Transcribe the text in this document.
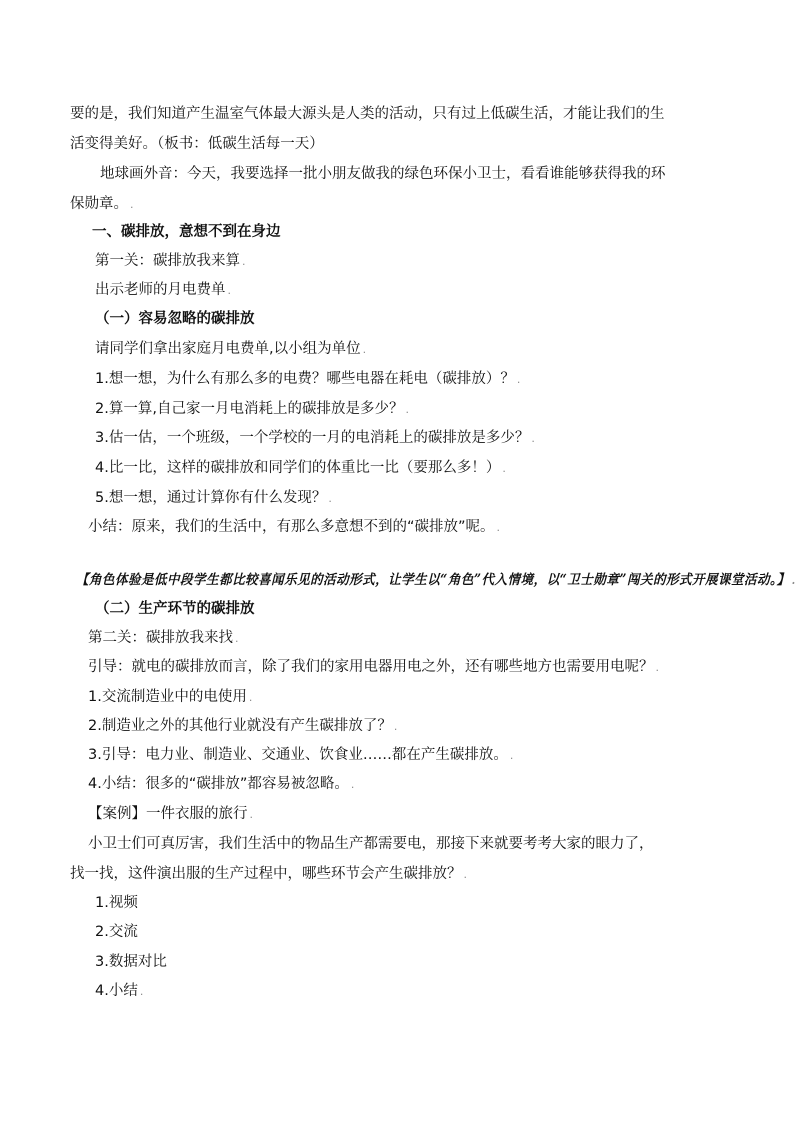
要的是，我们知道产生温室气体最大源头是人类的活动，只有过上低碳生活，才能让我们的生
活变得美好。（板书：低碳生活每一天）
地球画外音：今天，我要选择一批小朋友做我的绿色环保小卫士，看看谁能够获得我的环
保勋章。 .
一、碳排放，意想不到在身边
第一关：碳排放我来算 .
出示老师的月电费单 .
（一）容易忽略的碳排放
请同学们拿出家庭月电费单,以小组为单位 .
1.想一想，为什么有那么多的电费？哪些电器在耗电（碳排放）？ .
2.算一算,自己家一月电消耗上的碳排放是多少？ .
3.估一估，一个班级，一个学校的一月的电消耗上的碳排放是多少？ .
4.比一比，这样的碳排放和同学们的体重比一比（要那么多！） .
5.想一想，通过计算你有什么发现？ .
小结：原来，我们的生活中，有那么多意想不到的“碳排放”呢。 .
【角色体验是低中段学生都比较喜闻乐见的活动形式，让学生以“角色”代入情境，以“卫士勋章”闯关的形式开展课堂活动。】 .
（二）生产环节的碳排放
第二关：碳排放我来找 .
引导：就电的碳排放而言，除了我们的家用电器用电之外，还有哪些地方也需要用电呢？ .
1.交流制造业中的电使用 .
2.制造业之外的其他行业就没有产生碳排放了？ .
3.引导：电力业、制造业、交通业、饮食业……都在产生碳排放。 .
4.小结：很多的“碳排放”都容易被忽略。 .
【案例】一件衣服的旅行 .
小卫士们可真厉害，我们生活中的物品生产都需要电，那接下来就要考考大家的眼力了，
找一找，这件演出服的生产过程中，哪些环节会产生碳排放？ .
1.视频
2.交流
3.数据对比
4.小结 .
